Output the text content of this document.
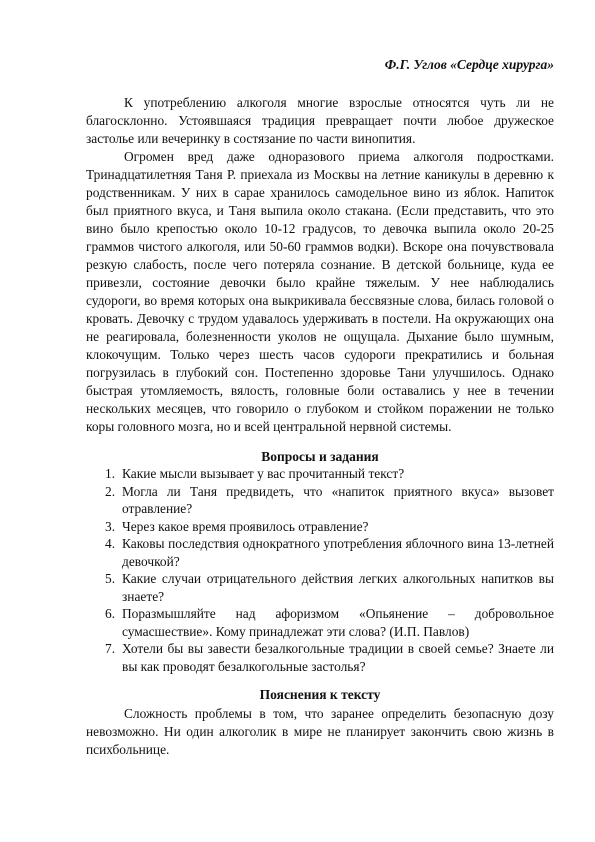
Ф.Г. Углов «Сердце хирурга»

К употреблению алкоголя многие взрослые относятся чуть ли не благосклонно. Устоявшаяся традиция превращает почти любое дружеское застолье или вечеринку в состязание по части винопития.

Огромен вред даже одноразового приема алкоголя подростками. Тринадцатилетняя Таня Р. приехала из Москвы на летние каникулы в деревню к родственникам. У них в сарае хранилось самодельное вино из яблок. Напиток был приятного вкуса, и Таня выпила около стакана. (Если представить, что это вино было крепостью около 10-12 градусов, то девочка выпила около 20-25 граммов чистого алкоголя, или 50-60 граммов водки). Вскоре она почувствовала резкую слабость, после чего потеряла сознание. В детской больнице, куда ее привезли, состояние девочки было крайне тяжелым. У нее наблюдались судороги, во время которых она выкрикивала бессвязные слова, билась головой о кровать. Девочку с трудом удавалось удерживать в постели. На окружающих она не реагировала, болезненности уколов не ощущала. Дыхание было шумным, клокочущим. Только через шесть часов судороги прекратились и больная погрузилась в глубокий сон. Постепенно здоровье Тани улучшилось. Однако быстрая утомляемость, вялость, головные боли оставались у нее в течении нескольких месяцев, что говорило о глубоком и стойком поражении не только коры головного мозга, но и всей центральной нервной системы.

Вопросы и задания
1. Какие мысли вызывает у вас прочитанный текст?
2. Могла ли Таня предвидеть, что «напиток приятного вкуса» вызовет отравление?
3. Через какое время проявилось отравление?
4. Каковы последствия однократного употребления яблочного вина 13-летней девочкой?
5. Какие случаи отрицательного действия легких алкогольных напитков вы знаете?
6. Поразмышляйте над афоризмом «Опьянение – добровольное сумасшествие». Кому принадлежат эти слова? (И.П. Павлов)
7. Хотели бы вы завести безалкогольные традиции в своей семье? Знаете ли вы как проводят безалкогольные застолья?
Пояснения к тексту

Сложность проблемы в том, что заранее определить безопасную дозу невозможно. Ни один алкоголик в мире не планирует закончить свою жизнь в психбольнице.
